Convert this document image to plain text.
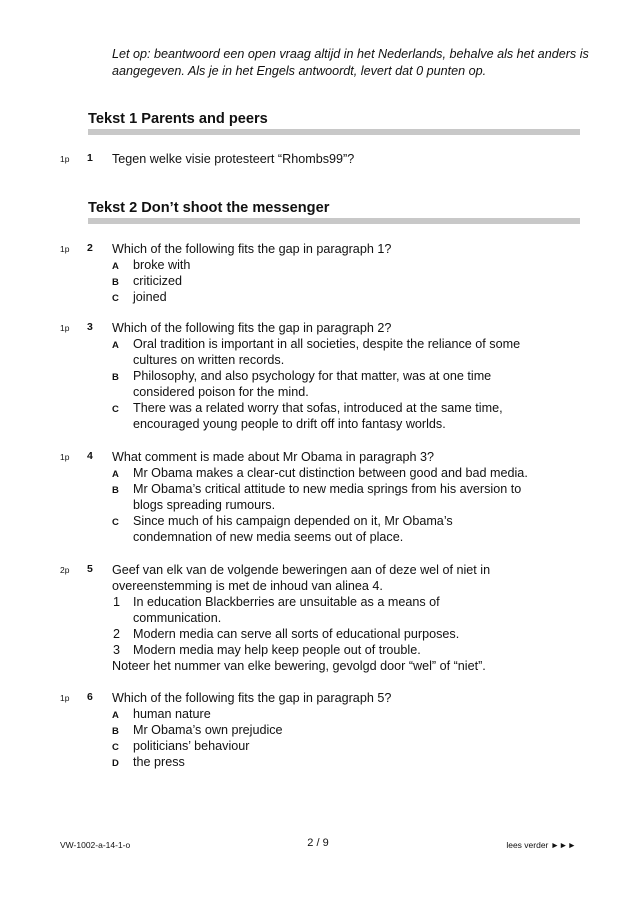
Let op: beantwoord een open vraag altijd in het Nederlands, behalve als het anders is aangegeven. Als je in het Engels antwoordt, levert dat 0 punten op.
Tekst 1 Parents and peers
1p 1 Tegen welke visie protesteert “Rhombs99”?
Tekst 2 Don’t shoot the messenger
1p 2 Which of the following fits the gap in paragraph 1?
A broke with
B criticized
C joined
1p 3 Which of the following fits the gap in paragraph 2?
A Oral tradition is important in all societies, despite the reliance of some
cultures on written records.
B Philosophy, and also psychology for that matter, was at one time
considered poison for the mind.
C There was a related worry that sofas, introduced at the same time,
encouraged young people to drift off into fantasy worlds.
1p 4 What comment is made about Mr Obama in paragraph 3?
A Mr Obama makes a clear-cut distinction between good and bad media.
B Mr Obama’s critical attitude to new media springs from his aversion to
blogs spreading rumours.
C Since much of his campaign depended on it, Mr Obama’s
condemnation of new media seems out of place.
2p 5 Geef van elk van de volgende beweringen aan of deze wel of niet in
overeenstemming is met de inhoud van alinea 4.
1 In education Blackberries are unsuitable as a means of
communication.
2 Modern media can serve all sorts of educational purposes.
3 Modern media may help keep people out of trouble.
Noteer het nummer van elke bewering, gevolgd door “wel” of “niet”.
1p 6 Which of the following fits the gap in paragraph 5?
A human nature
B Mr Obama’s own prejudice
C politicians’ behaviour
D the press
VW-1002-a-14-1-o	2 / 9	lees verder ►►►
